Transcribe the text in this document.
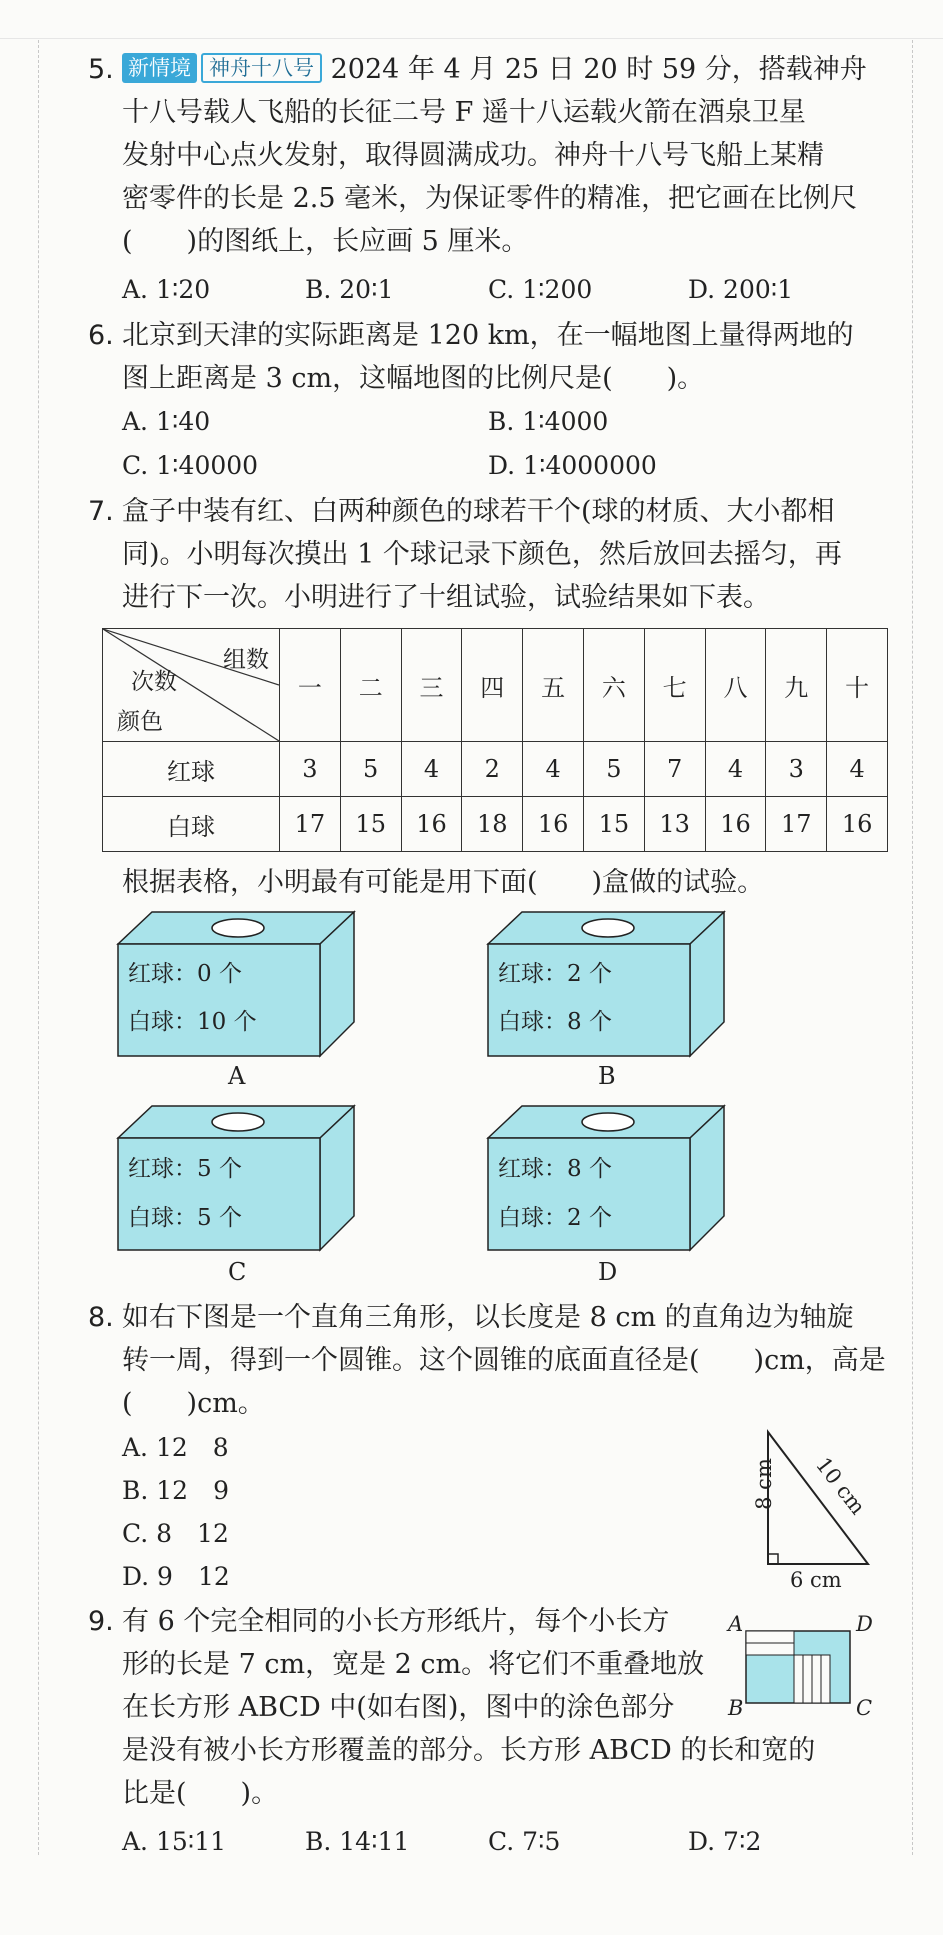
5. 新情境 神舟十八号 2024 年 4 月 25 日 20 时 59 分，搭载神舟
十八号载人飞船的长征二号 F 遥十八运载火箭在酒泉卫星
发射中心点火发射，取得圆满成功。神舟十八号飞船上某精
密零件的长是 2.5 毫米，为保证零件的精准，把它画在比例尺
(　　)的图纸上，长应画 5 厘米。
A. 1∶20	B. 20∶1	C. 1∶200	D. 200∶1
6. 北京到天津的实际距离是 120 km，在一幅地图上量得两地的
图上距离是 3 cm，这幅地图的比例尺是(　　)。
A. 1∶40	B. 1∶4000
C. 1∶40000	D. 1∶4000000
7. 盒子中装有红、白两种颜色的球若干个(球的材质、大小都相
同)。小明每次摸出 1 个球记录下颜色，然后放回去摇匀，再
进行下一次。小明进行了十组试验，试验结果如下表。
组数
次数
颜色	一	二	三	四	五	六	七	八	九	十
红球	3	5	4	2	4	5	7	4	3	4
白球	17	15	16	18	16	15	13	16	17	16
根据表格，小明最有可能是用下面(　　)盒做的试验。
红球：0 个
白球：10 个
A
红球：2 个
白球：8 个
B
红球：5 个
白球：5 个
C
红球：8 个
白球：2 个
D
8. 如右下图是一个直角三角形，以长度是 8 cm 的直角边为轴旋
转一周，得到一个圆锥。这个圆锥的底面直径是(　　)cm，高是
(　　)cm。
A. 12　8
B. 12　9
C. 8　12
D. 9　12
8 cm 10 cm
6 cm
9. 有 6 个完全相同的小长方形纸片，每个小长方
形的长是 7 cm，宽是 2 cm。将它们不重叠地放
在长方形 ABCD 中(如右图)，图中的涂色部分
是没有被小长方形覆盖的部分。长方形 ABCD 的长和宽的
比是(　　)。
A. 15∶11	B. 14∶11	C. 7∶5	D. 7∶2
A	D
B	C
